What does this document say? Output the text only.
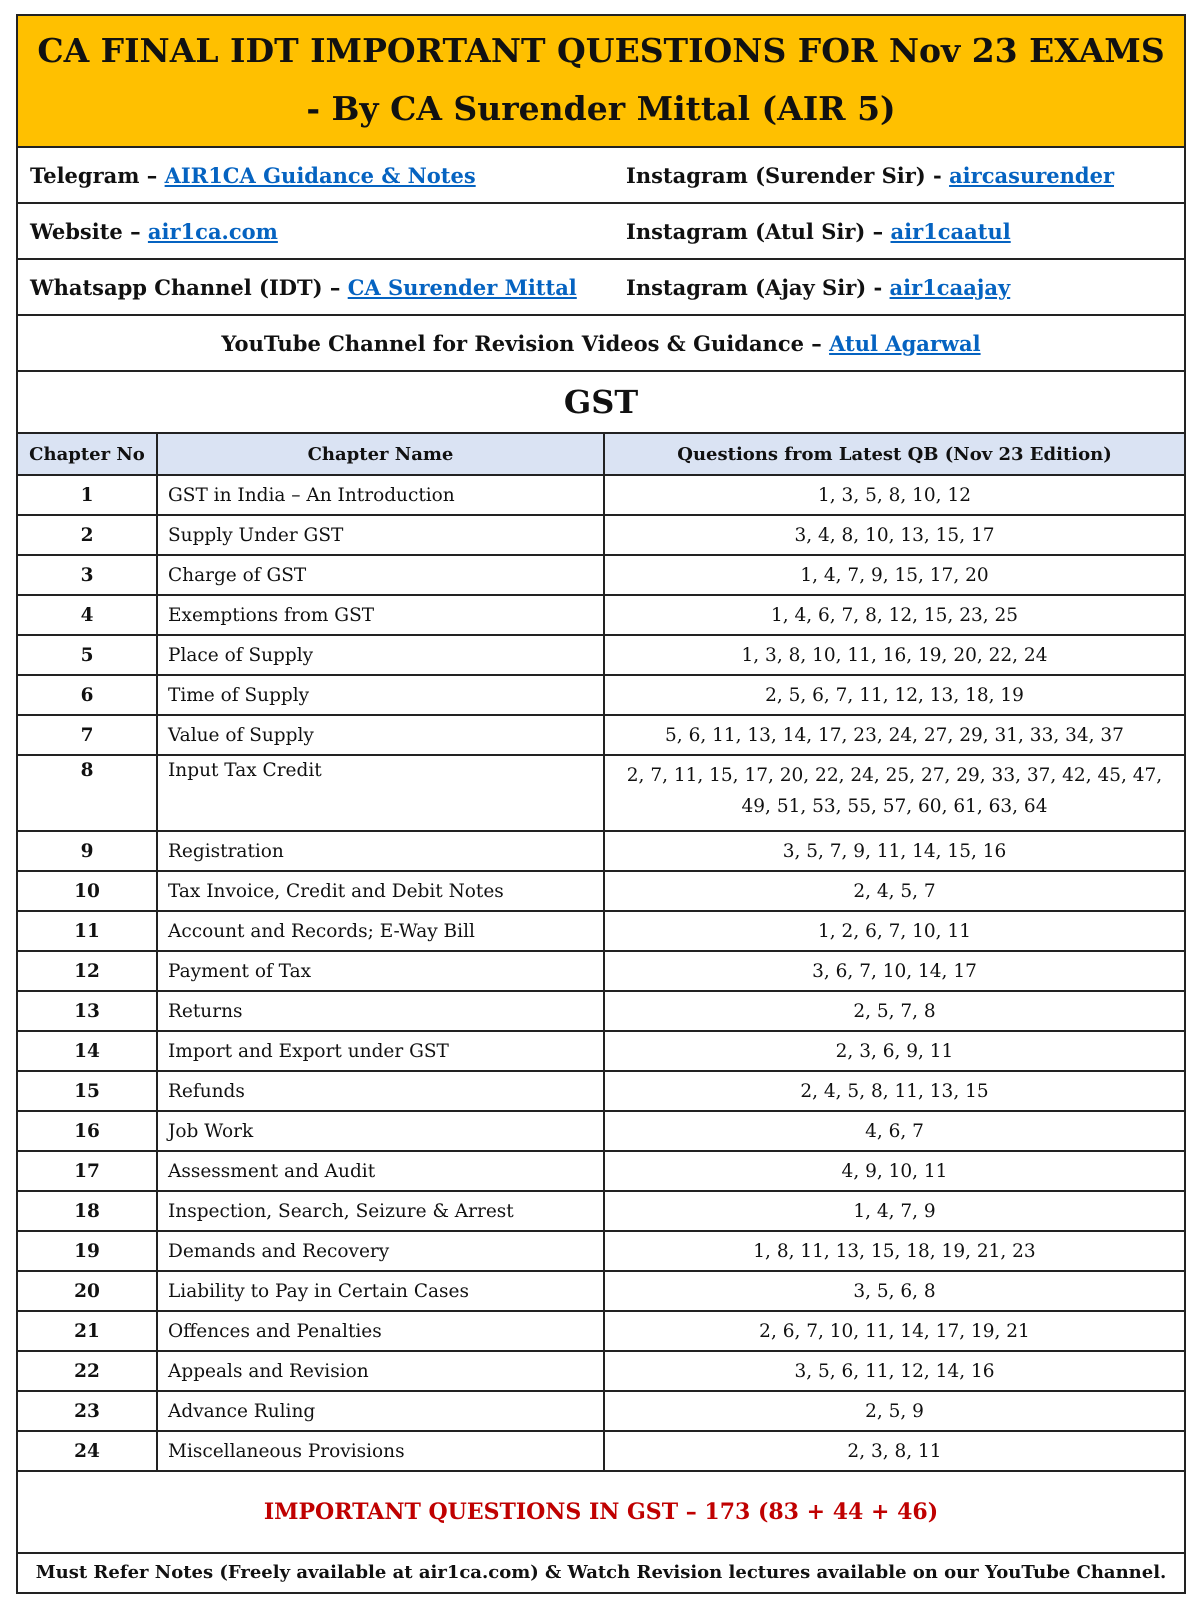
CA FINAL IDT IMPORTANT QUESTIONS FOR Nov 23 EXAMS
- By CA Surender Mittal (AIR 5)
Telegram – AIR1CA Guidance & Notes	Instagram (Surender Sir) - aircasurender
Website – air1ca.com	Instagram (Atul Sir) – air1caatul
Whatsapp Channel (IDT) – CA Surender Mittal	Instagram (Ajay Sir) - air1caajay
YouTube Channel for Revision Videos & Guidance –
Atul Agarwal
GST
Chapter No	Chapter Name	Questions from Latest QB (Nov 23 Edition)
1	GST in India – An Introduction	1, 3, 5, 8, 10, 12
2	Supply Under GST	3, 4, 8, 10, 13, 15, 17
3	Charge of GST	1, 4, 7, 9, 15, 17, 20
4	Exemptions from GST	1, 4, 6, 7, 8, 12, 15, 23, 25
5	Place of Supply	1, 3, 8, 10, 11, 16, 19, 20, 22, 24
6	Time of Supply	2, 5, 6, 7, 11, 12, 13, 18, 19
7	Value of Supply	5, 6, 11, 13, 14, 17, 23, 24, 27, 29, 31, 33, 34, 37
8	Input Tax Credit	2, 7, 11, 15, 17, 20, 22, 24, 25, 27, 29, 33, 37, 42, 45, 47, 49, 51, 53, 55, 57, 60, 61, 63, 64
9	Registration	3, 5, 7, 9, 11, 14, 15, 16
10	Tax Invoice, Credit and Debit Notes	2, 4, 5, 7
11	Account and Records; E-Way Bill	1, 2, 6, 7, 10, 11
12	Payment of Tax	3, 6, 7, 10, 14, 17
13	Returns	2, 5, 7, 8
14	Import and Export under GST	2, 3, 6, 9, 11
15	Refunds	2, 4, 5, 8, 11, 13, 15
16	Job Work	4, 6, 7
17	Assessment and Audit	4, 9, 10, 11
18	Inspection, Search, Seizure & Arrest	1, 4, 7, 9
19	Demands and Recovery	1, 8, 11, 13, 15, 18, 19, 21, 23
20	Liability to Pay in Certain Cases	3, 5, 6, 8
21	Offences and Penalties	2, 6, 7, 10, 11, 14, 17, 19, 21
22	Appeals and Revision	3, 5, 6, 11, 12, 14, 16
23	Advance Ruling	2, 5, 9
24	Miscellaneous Provisions	2, 3, 8, 11
IMPORTANT QUESTIONS IN GST – 173 (83 + 44 + 46)
Must Refer Notes (Freely available at air1ca.com) & Watch Revision lectures available on our YouTube Channel.
